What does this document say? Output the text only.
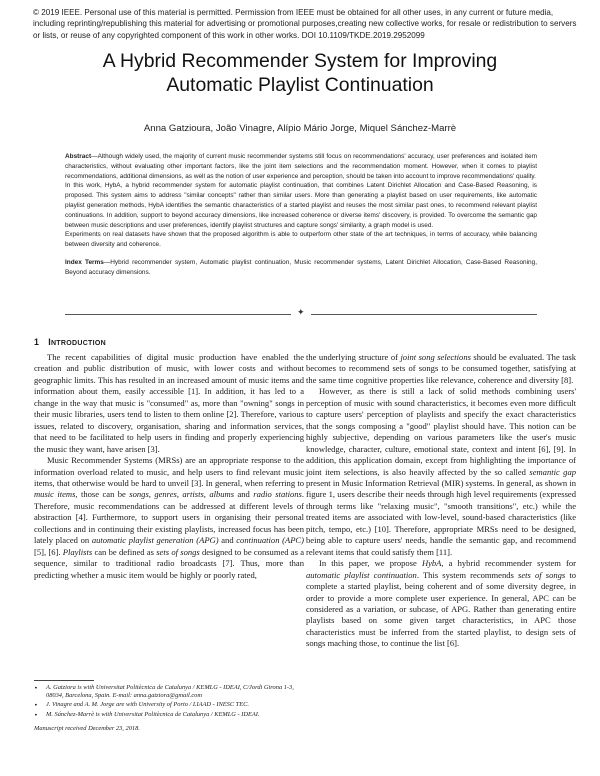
© 2019 IEEE. Personal use of this material is permitted. Permission from IEEE must be obtained for all other uses, in any current or future media, including reprinting/republishing this material for advertising or promotional purposes,creating new collective works, for resale or redistribution to servers or lists, or reuse of any copyrighted component of this work in other works. DOI 10.1109/TKDE.2019.2952099
A Hybrid Recommender System for Improving
Automatic Playlist Continuation
Anna Gatzioura, João Vinagre, Alípio Mário Jorge, Miquel Sánchez-Marrè

Abstract—Although widely used, the majority of current music recommender systems still focus on recommendations' accuracy, user preferences and isolated item characteristics, without evaluating other important factors, like the joint item selections and the recommendation moment. However, when it comes to playlist recommendations, additional dimensions, as well as the notion of user experience and perception, should be taken into account to improve recommendations' quality.

In this work, HybA, a hybrid recommender system for automatic playlist continuation, that combines Latent Dirichlet Allocation and Case-Based Reasoning, is proposed. This system aims to address "similar concepts" rather than similar users. More than generating a playlist based on user requirements, like automatic playlist generation methods, HybA identifies the semantic characteristics of a started playlist and reuses the most similar past ones, to recommend relevant playlist continuations. In addition, support to beyond accuracy dimensions, like increased coherence or diverse items' discovery, is provided. To overcome the semantic gap between music descriptions and user preferences, identify playlist structures and capture songs' similarity, a graph model is used.

Experiments on real datasets have shown that the proposed algorithm is able to outperform other state of the art techniques, in terms of accuracy, while balancing between diversity and coherence.

Index Terms—Hybrid recommender system, Automatic playlist continuation, Music recommender systems, Latent Dirichlet Allocation, Case-Based Reasoning, Beyond accuracy dimensions.

✦
1 INTRODUCTION

The recent capabilities of digital music production have enabled the creation and public distribution of music, with lower costs and without geographic limits. This has resulted in an increased amount of music items and information about them, easily accessible [1]. In addition, it has led to a change in the way that music is "consumed" as, more than "owning" songs in their music libraries, users tend to listen to them online [2]. Therefore, various issues, related to discovery, organisation, sharing and information services, that need to be facilitated to help users in finding and properly experiencing the music they want, have arisen [3].

Music Recommender Systems (MRSs) are an appropriate response to the information overload related to music, and help users to find relevant music items, that otherwise would be hard to unveil [3]. In general, when referring to music items, those can be songs, genres, artists, albums and radio stations. Therefore, music recommendations can be addressed at different levels of abstraction [4]. Furthermore, to support users in organising their personal collections and in continuing their existing playlists, increased focus has been lately placed on automatic playlist generation (APG) and continuation (APC) [5], [6]. Playlists can be defined as sets of songs designed to be consumed as a sequence, similar to traditional radio broadcasts [7]. Thus, more than predicting whether a music item would be highly or poorly rated,

• A. Gatziora is with Universitat Politècnica de Catalunya / KEMLG - IDEAI, C/Jordi Girona 1-3, 08034, Barcelona, Spain. E-mail: anna.gatziora@gmail.com
• J. Vinagre and A. M. Jorge are with University of Porto / LIAAD - INESC TEC.
• M. Sánchez-Marrè is with Universitat Politècnica de Catalunya / KEMLG - IDEAI.
Manuscript received December 23, 2018.

the underlying structure of joint song selections should be evaluated. The task becomes to recommend sets of songs to be consumed together, satisfying at the same time cognitive properties like relevance, coherence and diversity [8].

However, as there is still a lack of solid methods combining users' perception of music with sound characteristics, it becomes even more difficult to capture users' perception of playlists and specify the exact characteristics that the songs composing a "good" playlist should have. This notion can be highly subjective, depending on various parameters like the user's music knowledge, character, culture, emotional state, context and intent [6], [9]. In addition, this application domain, except from highlighting the importance of joint item selections, is also heavily affected by the so called semantic gap present in Music Information Retrieval (MIR) systems. In general, as shown in figure 1, users describe their needs through high level requirements (expressed through terms like "relaxing music", "smooth transitions", etc.) while the treated items are associated with low-level, sound-based characteristics (like pitch, tempo, etc.) [10]. Therefore, appropriate MRSs need to be designed, being able to capture users' needs, handle the semantic gap, and recommend relevant items that could satisfy them [11].

In this paper, we propose HybA, a hybrid recommender system for automatic playlist continuation. This system recommends sets of songs to complete a started playlist, being coherent and of some diversity degree, in order to provide a more complete user experience. In general, APC can be considered as a variation, or subcase, of APG. Rather than generating entire playlists based on some given target characteristics, in APC those characteristics must be inferred from the started playlist, to design sets of songs maching those, to continue the list [6].
